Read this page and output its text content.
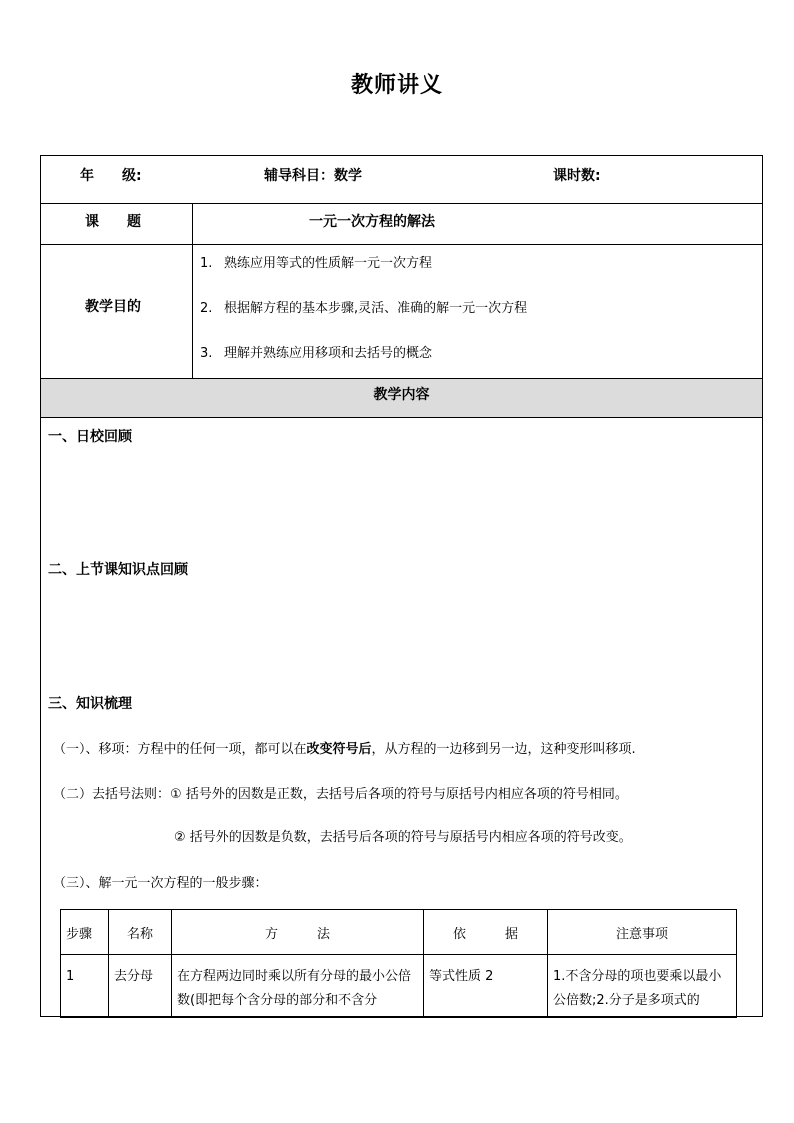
教师讲义
年　　级:	辅导科目：数学	课时数:
课　　题	一元一次方程的解法
教学目的
1. 熟练应用等式的性质解一元一次方程
2. 根据解方程的基本步骤,灵活、准确的解一元一次方程
3. 理解并熟练应用移项和去括号的概念
教学内容
一、日校回顾
二、上节课知识点回顾
三、知识梳理
（一）、移项：方程中的任何一项，都可以在改变符号后，从方程的一边移到另一边，这种变形叫移项.
（二）去括号法则：① 括号外的因数是正数，去括号后各项的符号与原括号内相应各项的符号相同。
② 括号外的因数是负数，去括号后各项的符号与原括号内相应各项的符号改变。
（三）、解一元一次方程的一般步骤：
步骤	名称	方　　　法	依　　　据	注意事项

1	去分母	在方程两边同时乘以所有分母的最小公倍数(即把每个含分母的部分和不含分	等式性质 2	1.不含分母的项也要乘以最小公倍数;2.分子是多项式的
